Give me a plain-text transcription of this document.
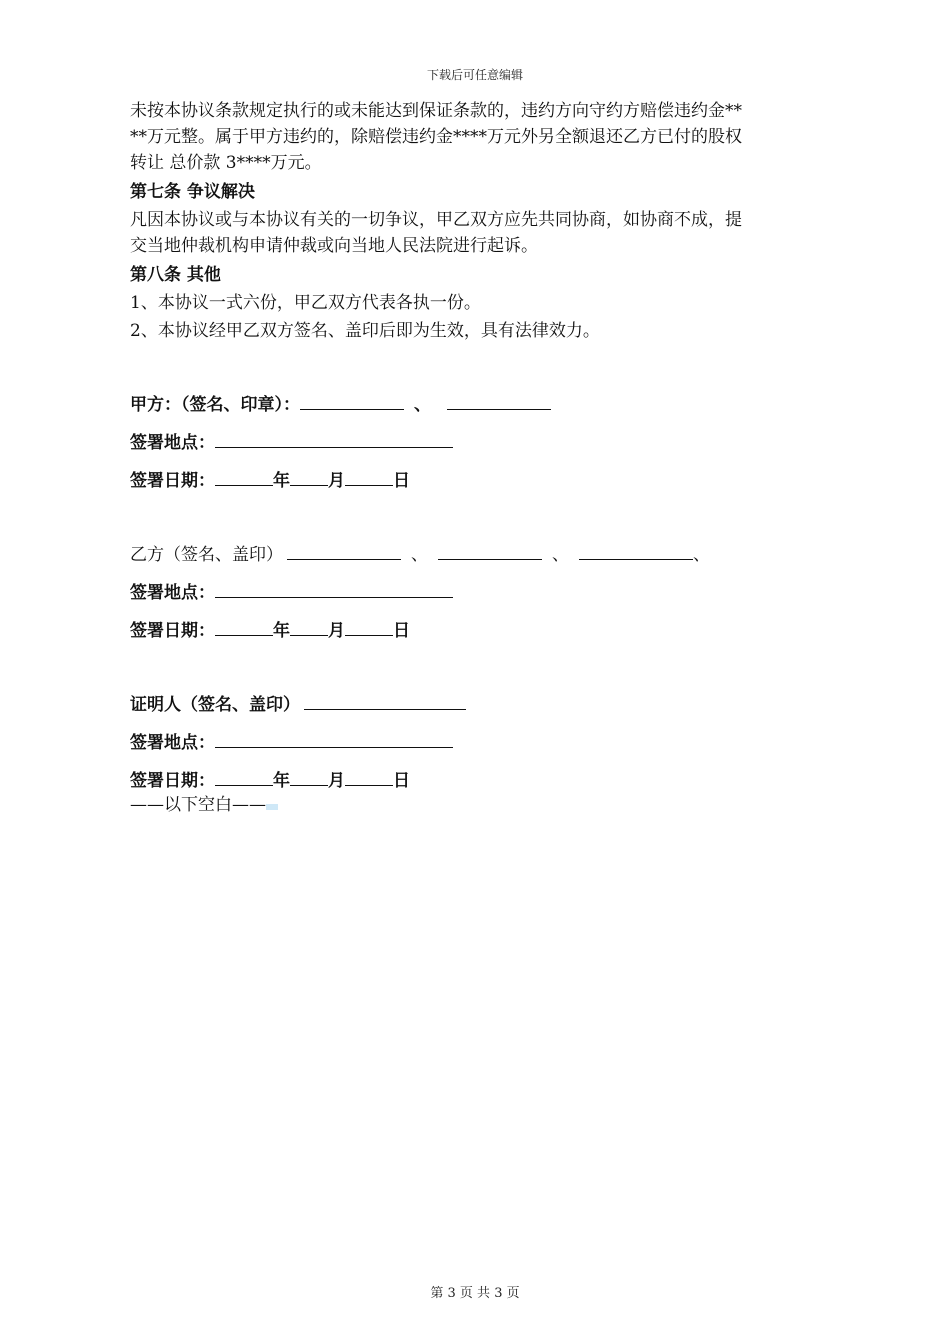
下载后可任意编辑
未按本协议条款规定执行的或未能达到保证条款的，违约方向守约方赔偿违约金**
**万元整。属于甲方违约的，除赔偿违约金****万元外另全额退还乙方已付的股权
转让 总价款 3****万元。
第七条 争议解决
凡因本协议或与本协议有关的一切争议，甲乙双方应先共同协商，如协商不成，提
交当地仲裁机构申请仲裁或向当地人民法院进行起诉。
第八条 其他
1、本协议一式六份，甲乙双方代表各执一份。
2、本协议经甲乙双方签名、盖印后即为生效，具有法律效力。
甲方：（签名、印章）：	、
签署地点：
签署日期：	年 月	日
乙方（签名、盖印）	、	、	、
签署地点：
签署日期：	年 月	日
证明人（签名、盖印）
签署地点：
签署日期：	年 月	日
——以下空白——
第 3 页 共 3 页
